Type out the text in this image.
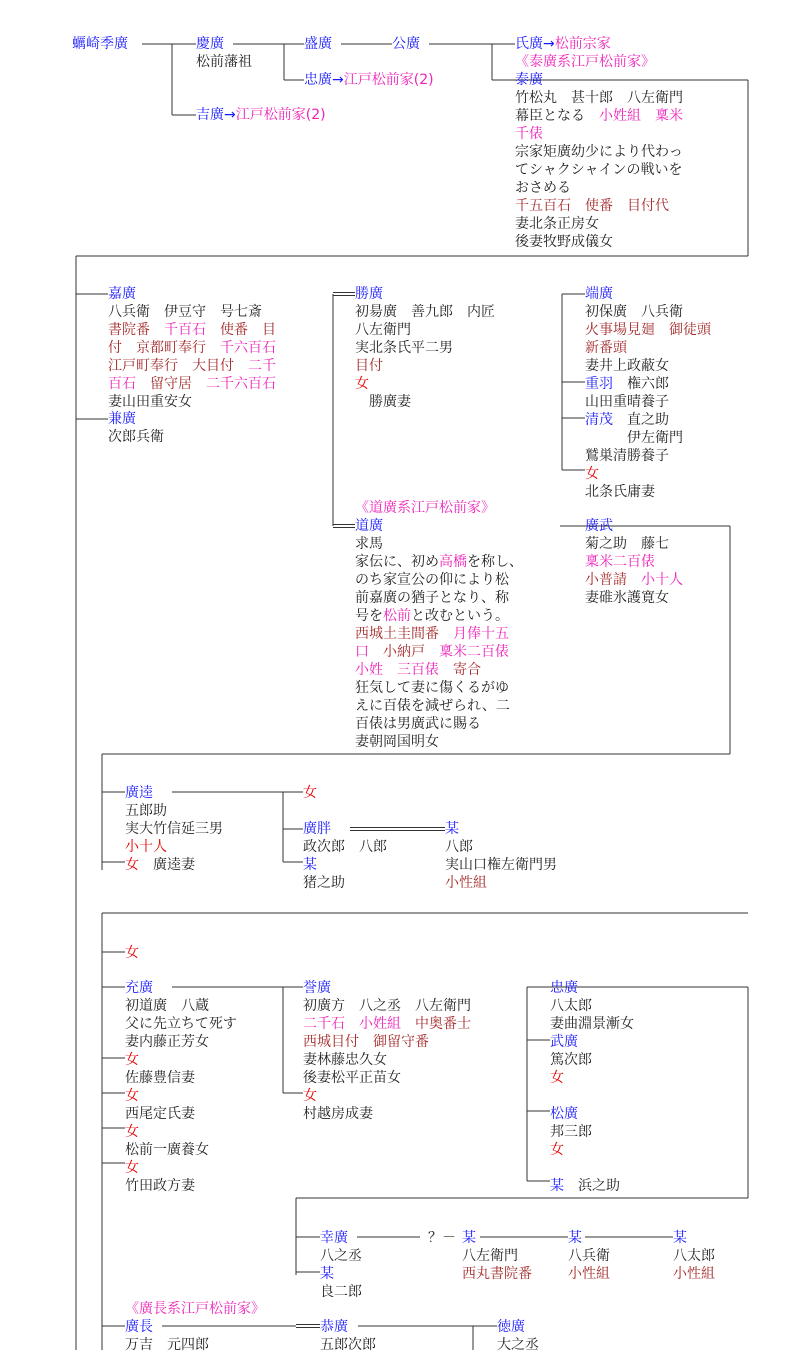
蠣崎季廣	慶廣
松前藩祖
盛廣	公廣	氏廣→松前宗家
《泰廣系江戸松前家》
忠廣→江戸松前家(2)
吉廣→江戸松前家(2)
泰廣
竹松丸　甚十郎　八左衛門
幕臣となる　小姓組　稟米
千俵
宗家矩廣幼少により代わっ
てシャクシャインの戦いを
おさめる
千五百石　使番　目付代
妻北条正房女
後妻牧野成儀女
嘉廣
八兵衛　伊豆守　号七斎
書院番　千百石　使番　目
付　京都町奉行　千六百石
江戸町奉行　大目付　二千
百石　留守居　二千六百石
妻山田重安女
兼廣
次郎兵衛
勝廣
初昜廣　善九郎　内匠
八左衛門
実北条氏平二男
目付
女
　勝廣妻
端廣
初保廣　八兵衛
火事場見廻　御徒頭
新番頭
妻井上政蔽女
重羽　権六郎
山田重晴養子
清茂　直之助
　　　伊左衛門
鷲巣清勝養子
女
北条氏庸妻
《道廣系江戸松前家》
道廣
求馬
家伝に、初め高橋を称し、
のち家宣公の仰により松
前嘉廣の猶子となり、称
号を松前と改むという。
西城土圭間番　月俸十五
口　小納戸　稟米二百俵
小姓　三百俵　寄合
狂気して妻に傷くるがゆ
えに百俵を減ぜられ、二
百俵は男廣武に賜る
妻朝岡国明女
廣武
菊之助　藤七
稟米二百俵
小普請　小十人
妻碓氷護寛女
廣逵
五郎助
実大竹信延三男
小十人
女　廣逵妻
女
廣胖
政次郎　八郎
某
猪之助
某
八郎
実山口権左衛門男
小性組
女
充廣
初道廣　八蔵
父に先立ちて死す
妻内藤正芳女
女
佐藤豊信妻
女
西尾定氏妻
女
松前一廣養女
女
竹田政方妻
誉廣
初廣方　八之丞　八左衛門
二千石　小姓組　中奥番士
西城目付　御留守番
妻林藤忠久女
後妻松平正苗女
女
村越房成妻
忠廣
八太郎
妻曲淵景漸女
武廣
篤次郎
女

松廣
邦三郎
女

某　浜之助
幸廣
八之丞
某
良二郎
？－ 某
八左衛門
西丸書院番
某
八兵衛
小性組
某
八太郎
小性組
《廣長系江戸松前家》
廣長
万吉　元四郎
恭廣
五郎次郎
徳廣
大之丞
